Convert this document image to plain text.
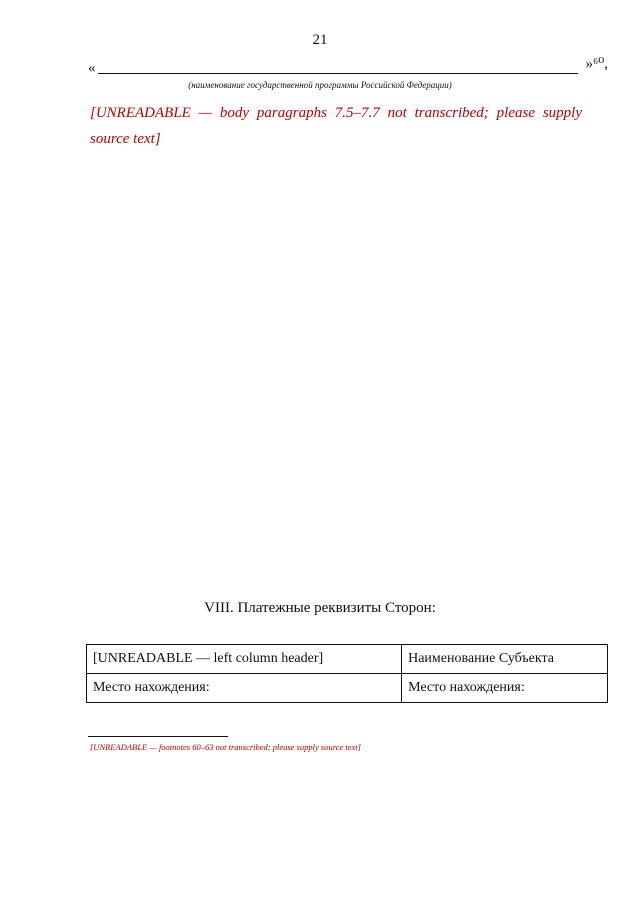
21
«	»⁶⁰,
(наименование государственной программы Российской Федерации)
[UNREADABLE — body paragraphs 7.5–7.7 not transcribed; please supply source text]
VIII. Платежные реквизиты Сторон:
[UNREADABLE — left column header]	Наименование Субъекта
Место нахождения:	Место нахождения:
[UNREADABLE — footnotes 60–63 not transcribed; please supply source text]
